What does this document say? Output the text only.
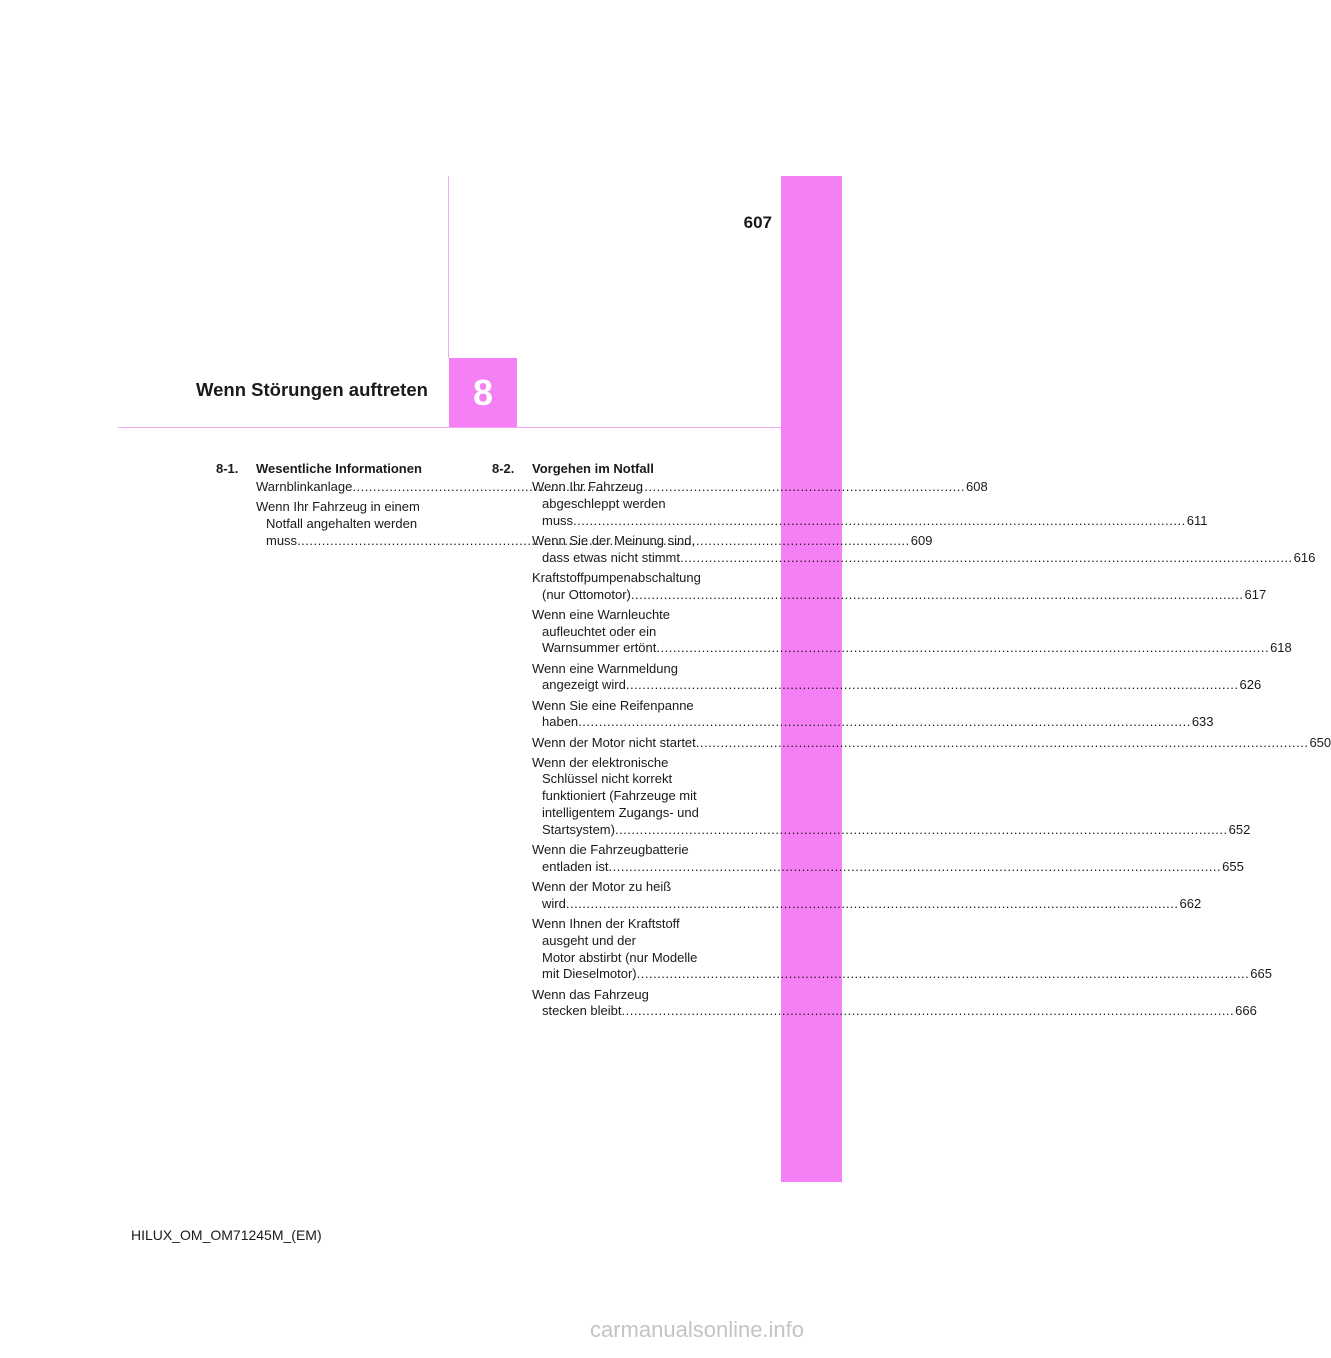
607
Wenn Störungen auftreten 8
8-1.	Wesentliche Informationen
Warnblinkanlage .....	608
Wenn Ihr Fahrzeug in einem
Notfall angehalten werden
muss .....	609
8-2.	Vorgehen im Notfall
Wenn Ihr Fahrzeug
abgeschleppt werden
muss .....	611
Wenn Sie der Meinung sind,
dass etwas nicht stimmt .....	616
Kraftstoffpumpenabschaltung
(nur Ottomotor) .....	617
Wenn eine Warnleuchte
aufleuchtet oder ein
Warnsummer ertönt .....	618
Wenn eine Warnmeldung
angezeigt wird .....	626
Wenn Sie eine Reifenpanne
haben .....	633
Wenn der Motor nicht startet .....	650
Wenn der elektronische
Schlüssel nicht korrekt
funktioniert (Fahrzeuge mit
intelligentem Zugangs- und
Startsystem) .....	652
Wenn die Fahrzeugbatterie
entladen ist .....	655
Wenn der Motor zu heiß
wird .....	662
Wenn Ihnen der Kraftstoff
ausgeht und der
Motor abstirbt (nur Modelle
mit Dieselmotor) .....	665
Wenn das Fahrzeug
stecken bleibt .....	666
HILUX_OM_OM71245M_(EM)
carmanualsonline.info
